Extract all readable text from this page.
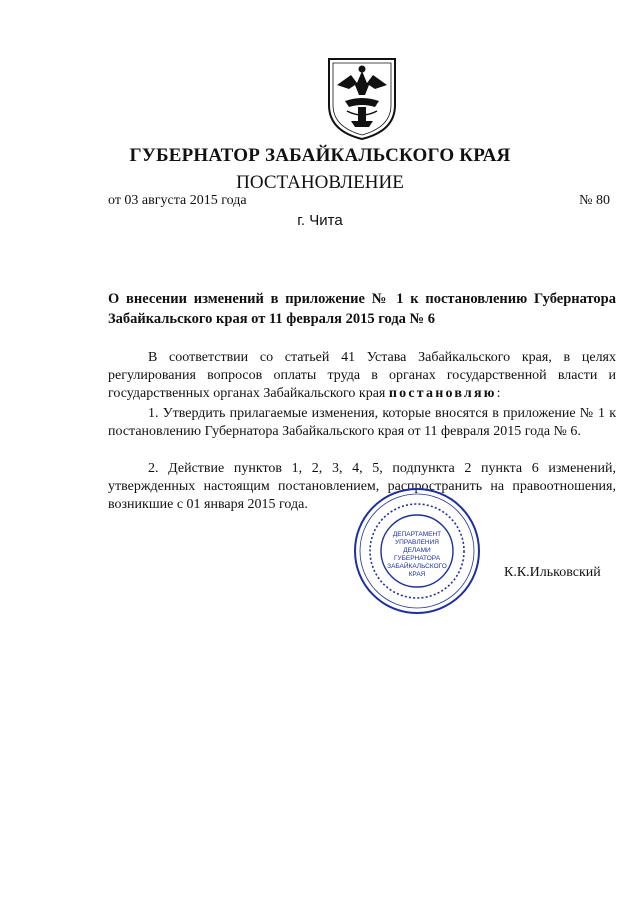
ГУБЕРНАТОР ЗАБАЙКАЛЬСКОГО КРАЯ
ПОСТАНОВЛЕНИЕ
от 03 августа 2015 года	№ 80
г. Чита
О внесении изменений в приложение № 1 к постановлению Губернатора Забайкальского края от 11 февраля 2015 года № 6
В соответствии со статьей 41 Устава Забайкальского края, в целях регулирования вопросов оплаты труда в органах государственной власти и государственных органах Забайкальского края постановляю:
1. Утвердить прилагаемые изменения, которые вносятся в приложение № 1 к постановлению Губернатора Забайкальского края от 11 февраля 2015 года № 6.
2. Действие пунктов 1, 2, 3, 4, 5, подпункта 2 пункта 6 изменений, утвержденных настоящим постановлением, распространить на правоотношения, возникшие с 01 января 2015 года.
ДЕПАРТАМЕНТ
УПРАВЛЕНИЯ
ДЕЛАМИ
ГУБЕРНАТОРА
ЗАБАЙКАЛЬСКОГО
КРАЯ	К.К.Ильковский
